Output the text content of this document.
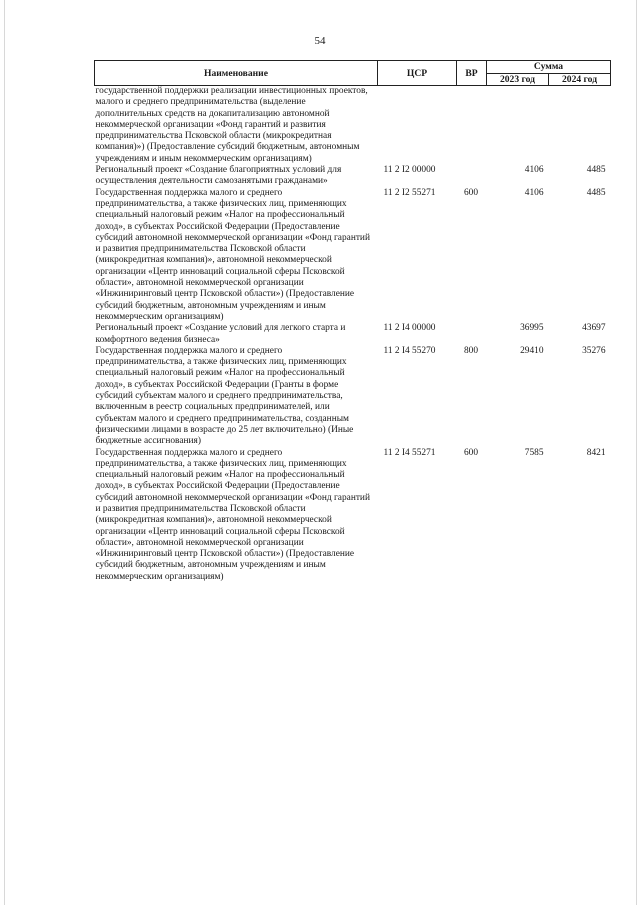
54
Наименование	ЦСР	ВР	Сумма	
			2023 год	2024 год
государственной поддержки реализации инвестиционных проектов, малого и среднего предпринимательства (выделение дополнительных средств на докапитализацию автономной некоммерческой организации «Фонд гарантий и развития предпринимательства Псковской области (микрокредитная компания)») (Предоставление субсидий бюджетным, автономным учреждениям и иным некоммерческим организациям)				
Региональный проект «Создание благоприятных условий для осуществления деятельности самозанятыми гражданами»	11 2 I2 00000		4106	4485
Государственная поддержка малого и среднего предпринимательства, а также физических лиц, применяющих специальный налоговый режим «Налог на профессиональный доход», в субъектах Российской Федерации (Предоставление субсидий автономной некоммерческой организации «Фонд гарантий и развития предпринимательства Псковской области (микрокредитная компания)», автономной некоммерческой организации «Центр инноваций социальной сферы Псковской области», автономной некоммерческой организации «Инжиниринговый центр Псковской области») (Предоставление субсидий бюджетным, автономным учреждениям и иным некоммерческим организациям)	11 2 I2 55271	600	4106	4485
Региональный проект «Создание условий для легкого старта и комфортного ведения бизнеса»	11 2 I4 00000		36995	43697
Государственная поддержка малого и среднего предпринимательства, а также физических лиц, применяющих специальный налоговый режим «Налог на профессиональный доход», в субъектах Российской Федерации (Гранты в форме субсидий субъектам малого и среднего предпринимательства, включенным в реестр социальных предпринимателей, или субъектам малого и среднего предпринимательства, созданным физическими лицами в возрасте до 25 лет включительно) (Иные бюджетные ассигнования)	11 2 I4 55270	800	29410	35276
Государственная поддержка малого и среднего предпринимательства, а также физических лиц, применяющих специальный налоговый режим «Налог на профессиональный доход», в субъектах Российской Федерации (Предоставление субсидий автономной некоммерческой организации «Фонд гарантий и развития предпринимательства Псковской области (микрокредитная компания)», автономной некоммерческой организации «Центр инноваций социальной сферы Псковской области», автономной некоммерческой организации «Инжиниринговый центр Псковской области») (Предоставление субсидий бюджетным, автономным учреждениям и иным некоммерческим организациям)	11 2 I4 55271	600	7585	8421
